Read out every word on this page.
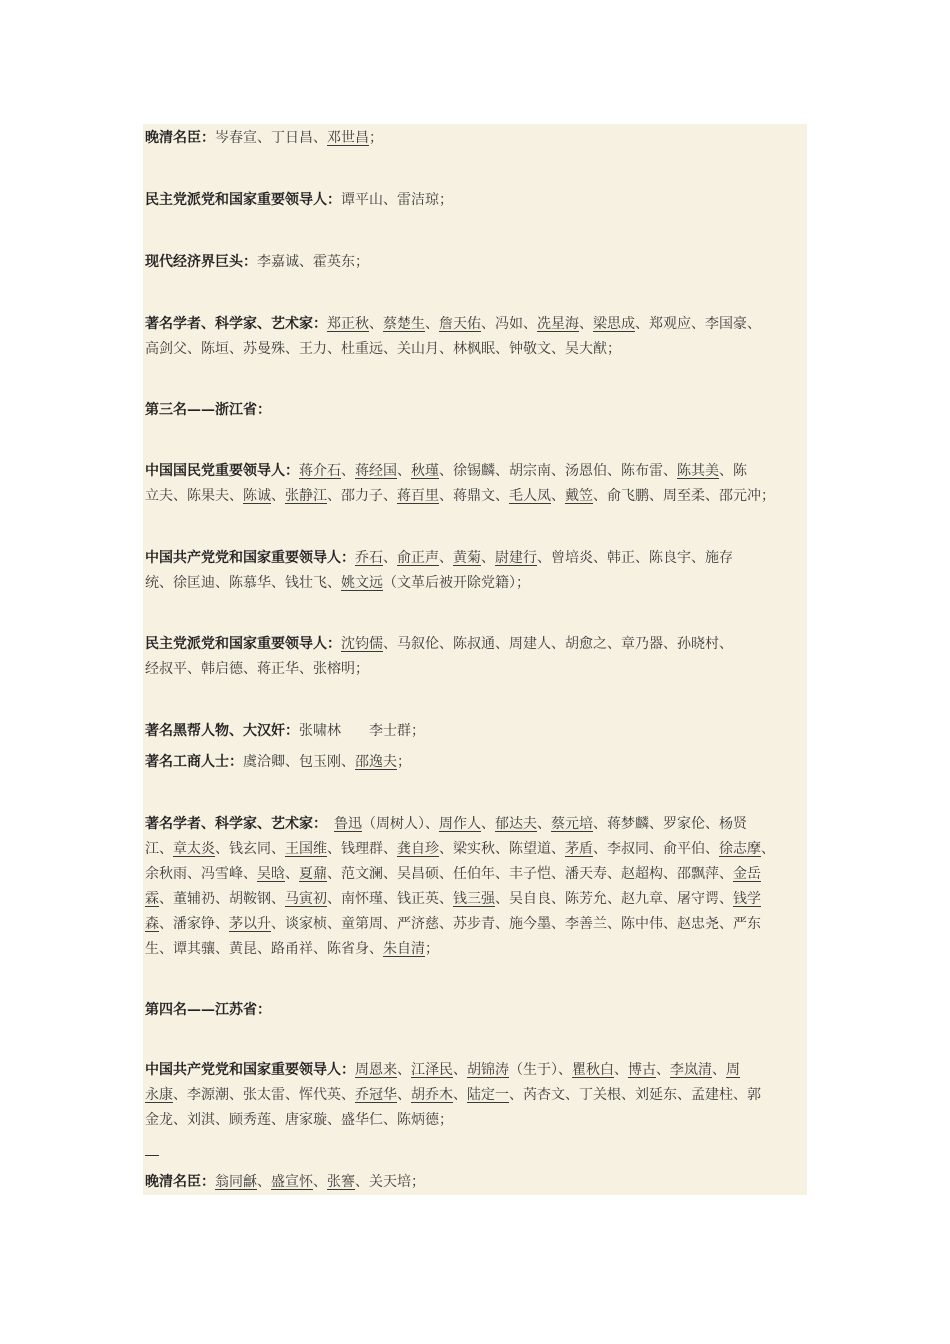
晚清名臣：岑春宣、丁日昌、邓世昌；
民主党派党和国家重要领导人：谭平山、雷洁琼；
现代经济界巨头：李嘉诚、霍英东；
著名学者、科学家、艺术家：郑正秋、蔡楚生、詹天佑、冯如、冼星海、梁思成、郑观应、李国豪、
高剑父、陈垣、苏曼殊、王力、杜重远、关山月、林枫眠、钟敬文、吴大猷；
第三名——浙江省：
中国国民党重要领导人：蒋介石、蒋经国、秋瑾、徐锡麟、胡宗南、汤恩伯、陈布雷、陈其美、陈
立夫、陈果夫、陈诚、张静江、邵力子、蒋百里、蒋鼎文、毛人凤、戴笠、俞飞鹏、周至柔、邵元冲；
中国共产党党和国家重要领导人：乔石、俞正声、黄菊、尉建行、曾培炎、韩正、陈良宇、施存
统、徐匡迪、陈慕华、钱壮飞、姚文远（文革后被开除党籍）；
民主党派党和国家重要领导人：沈钧儒、马叙伦、陈叔通、周建人、胡愈之、章乃器、孙晓村、
经叔平、韩启德、蒋正华、张榕明；
著名黑帮人物、大汉奸：张啸林　　李士群；
著名工商人士：虞洽卿、包玉刚、邵逸夫；
著名学者、科学家、艺术家：　 鲁迅（周树人）、周作人、郁达夫、蔡元培、蒋梦麟、罗家伦、杨贤
江、章太炎、钱玄同、王国维、钱理群、龚自珍、梁实秋、陈望道、茅盾、李叔同、俞平伯、徐志摩、
余秋雨、冯雪峰、吴晗、夏鼐、范文澜、吴昌硕、任伯年、丰子恺、潘天寿、赵超构、邵飘萍、金岳
霖、董辅礽、胡鞍钢、马寅初、南怀瑾、钱正英、钱三强、吴自良、陈芳允、赵九章、屠守谔、钱学
森、潘家铮、茅以升、谈家桢、童第周、严济慈、苏步青、施今墨、李善兰、陈中伟、赵忠尧、严东
生、谭其骧、黄昆、路甬祥、陈省身、朱自清；
第四名——江苏省：
中国共产党党和国家重要领导人：周恩来、江泽民、胡锦涛（生于）、瞿秋白、博古、李岚清、周
永康、李源潮、张太雷、恽代英、乔冠华、胡乔木、陆定一、芮杏文、丁关根、刘延东、孟建柱、郭
金龙、刘淇、顾秀莲、唐家璇、盛华仁、陈炳德；
晚清名臣：翁同龢、盛宣怀、张謇、关天培；
